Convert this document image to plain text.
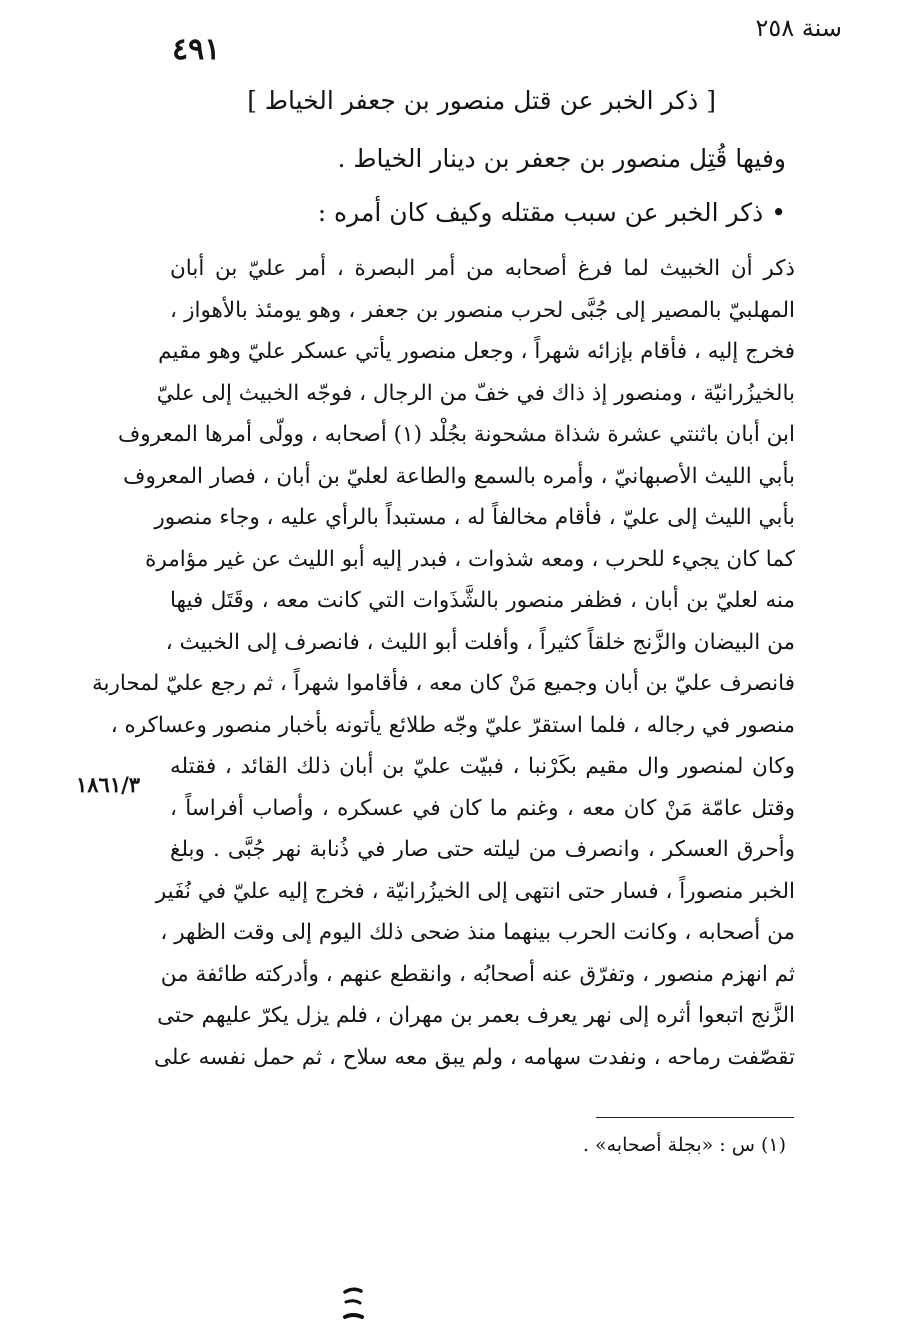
سنة ٢٥٨
٤٩١
[ ذكر الخبر عن قتل منصور بن جعفر الخياط ]
وفيها قُتِل منصور بن جعفر بن دينار الخياط .
• ذكر الخبر عن سبب مقتله وكيف كان أمره :
ذكر أن الخبيث لما فرغ أصحابه من أمر البصرة ، أمر عليّ بن أبان
المهلبيّ بالمصير إلى جُبَّى لحرب منصور بن جعفر ، وهو يومئذ بالأهواز ،
فخرج إليه ، فأقام بإزائه شهراً ، وجعل منصور يأتي عسكر عليّ وهو مقيم
بالخيزُرانيّة ، ومنصور إذ ذاك في خفّ من الرجال ، فوجّه الخبيث إلى عليّ
ابن أبان باثنتي عشرة شذاة مشحونة بجُلْد (١) أصحابه ، وولّى أمرها المعروف
بأبي الليث الأصبهانيّ ، وأمره بالسمع والطاعة لعليّ بن أبان ، فصار المعروف
بأبي الليث إلى عليّ ، فأقام مخالفاً له ، مستبداً بالرأي عليه ، وجاء منصور
كما كان يجيء للحرب ، ومعه شذوات ، فبدر إليه أبو الليث عن غير مؤامرة
منه لعليّ بن أبان ، فظفر منصور بالشَّذَوات التي كانت معه ، وقَتَل فيها
من البيضان والزَّنج خلقاً كثيراً ، وأفلت أبو الليث ، فانصرف إلى الخبيث ،
فانصرف عليّ بن أبان وجميع مَنْ كان معه ، فأقاموا شهراً ، ثم رجع عليّ لمحاربة
منصور في رجاله ، فلما استقرّ عليّ وجّه طلائع يأتونه بأخبار منصور وعساكره ،
وكان لمنصور وال مقيم بكَرْنبا ، فبيّت عليّ بن أبان ذلك القائد ، فقتله
وقتل عامّة مَنْ كان معه ، وغنم ما كان في عسكره ، وأصاب أفراساً ،
وأحرق العسكر ، وانصرف من ليلته حتى صار في ذُنابة نهر جُبَّى . وبلغ
الخبر منصوراً ، فسار حتى انتهى إلى الخيزُرانيّة ، فخرج إليه عليّ في نُفَير
من أصحابه ، وكانت الحرب بينهما منذ ضحى ذلك اليوم إلى وقت الظهر ،
ثم انهزم منصور ، وتفرّق عنه أصحابُه ، وانقطع عنهم ، وأدركته طائفة من
الزَّنج اتبعوا أثره إلى نهر يعرف بعمر بن مهران ، فلم يزل يكرّ عليهم حتى
تقصّفت رماحه ، ونفدت سهامه ، ولم يبق معه سلاح ، ثم حمل نفسه على
١٨٦١/٣
(١) س : «بجلة أصحابه» .
